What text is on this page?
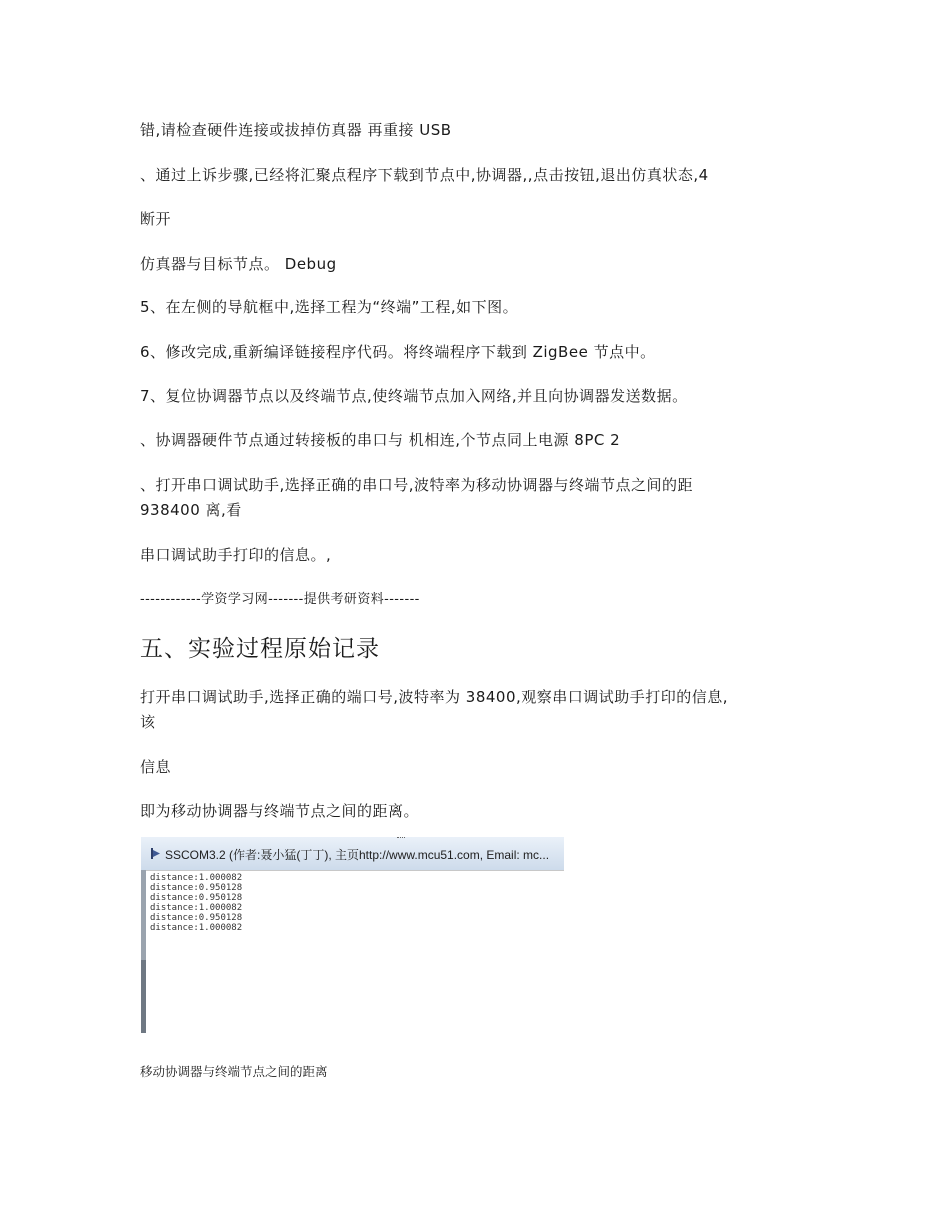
错,请检查硬件连接或拔掉仿真器 再重接 USB
、通过上诉步骤,已经将汇聚点程序下载到节点中,协调器,,点击按钮,退出仿真状态,4
断开
仿真器与目标节点。 Debug
5、在左侧的导航框中,选择工程为“终端”工程,如下图。
6、修改完成,重新编译链接程序代码。将终端程序下载到 ZigBee 节点中。
7、复位协调器节点以及终端节点,使终端节点加入网络,并且向协调器发送数据。
、协调器硬件节点通过转接板的串口与 机相连,个节点同上电源 8PC 2
、打开串口调试助手,选择正确的串口号,波特率为移动协调器与终端节点之间的距
938400 离,看
串口调试助手打印的信息。,
------------学资学习网-------提供考研资料-------
五、实验过程原始记录
打开串口调试助手,选择正确的端口号,波特率为 38400,观察串口调试助手打印的信息,
该
信息
即为移动协调器与终端节点之间的距离。
SSCOM3.2 (作者:聂小猛(丁丁), 主页http://www.mcu51.com, Email: mc...
distance:1.000082
distance:0.950128
distance:0.950128
distance:1.000082
distance:0.950128
distance:1.000082
移动协调器与终端节点之间的距离
